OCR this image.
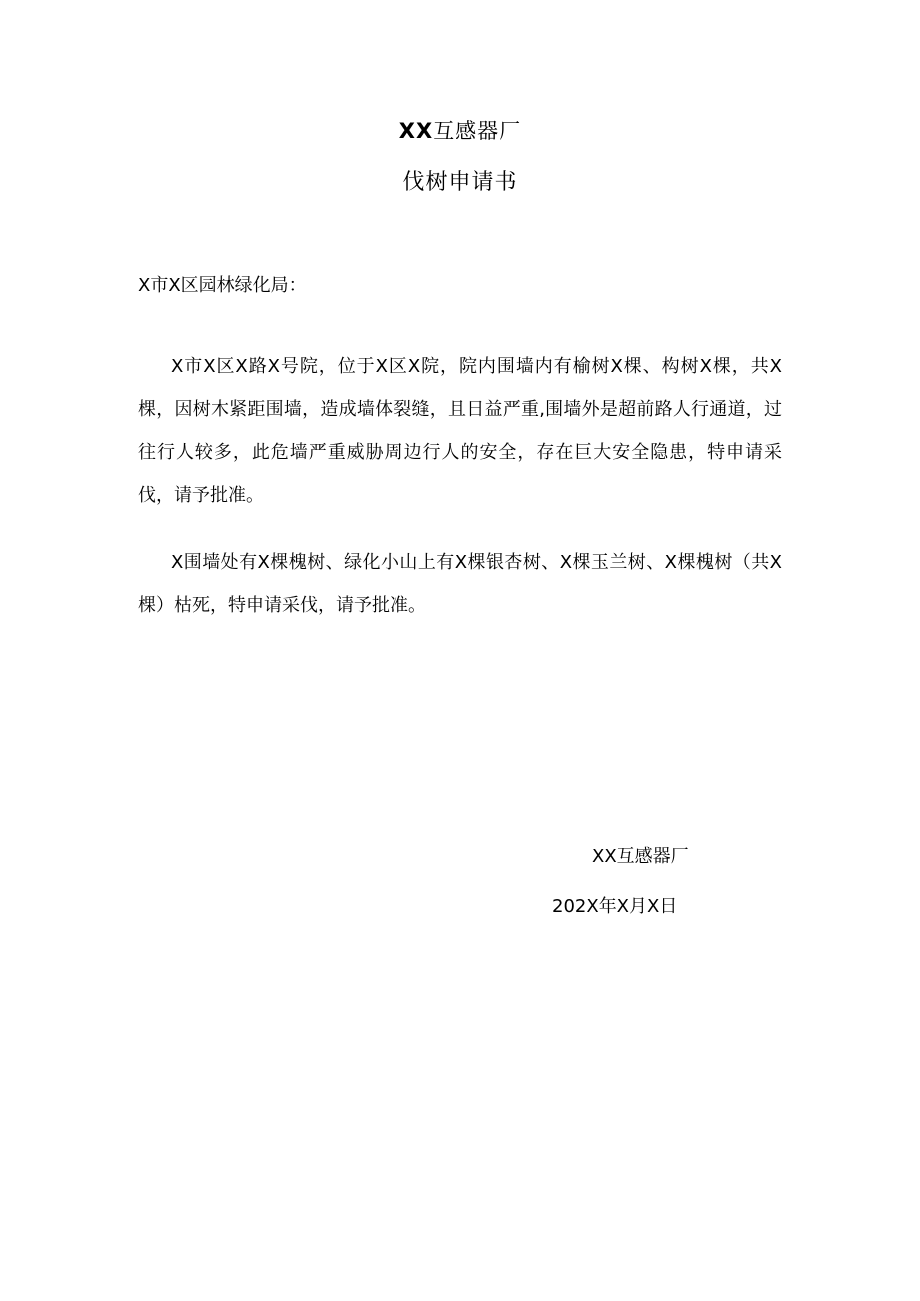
XX互感器厂
伐树申请书
X市X区园林绿化局：

X市X区X路X号院，位于X区X院，院内围墙内有榆树X棵、构树X棵，共X棵，因树木紧距围墙，造成墙体裂缝，且日益严重,围墙外是超前路人行通道，过往行人较多，此危墙严重威胁周边行人的安全，存在巨大安全隐患，特申请采伐，请予批准。

X围墙处有X棵槐树、绿化小山上有X棵银杏树、X棵玉兰树、X棵槐树（共X棵）枯死，特申请采伐，请予批准。

XX互感器厂
202X年X月X日
